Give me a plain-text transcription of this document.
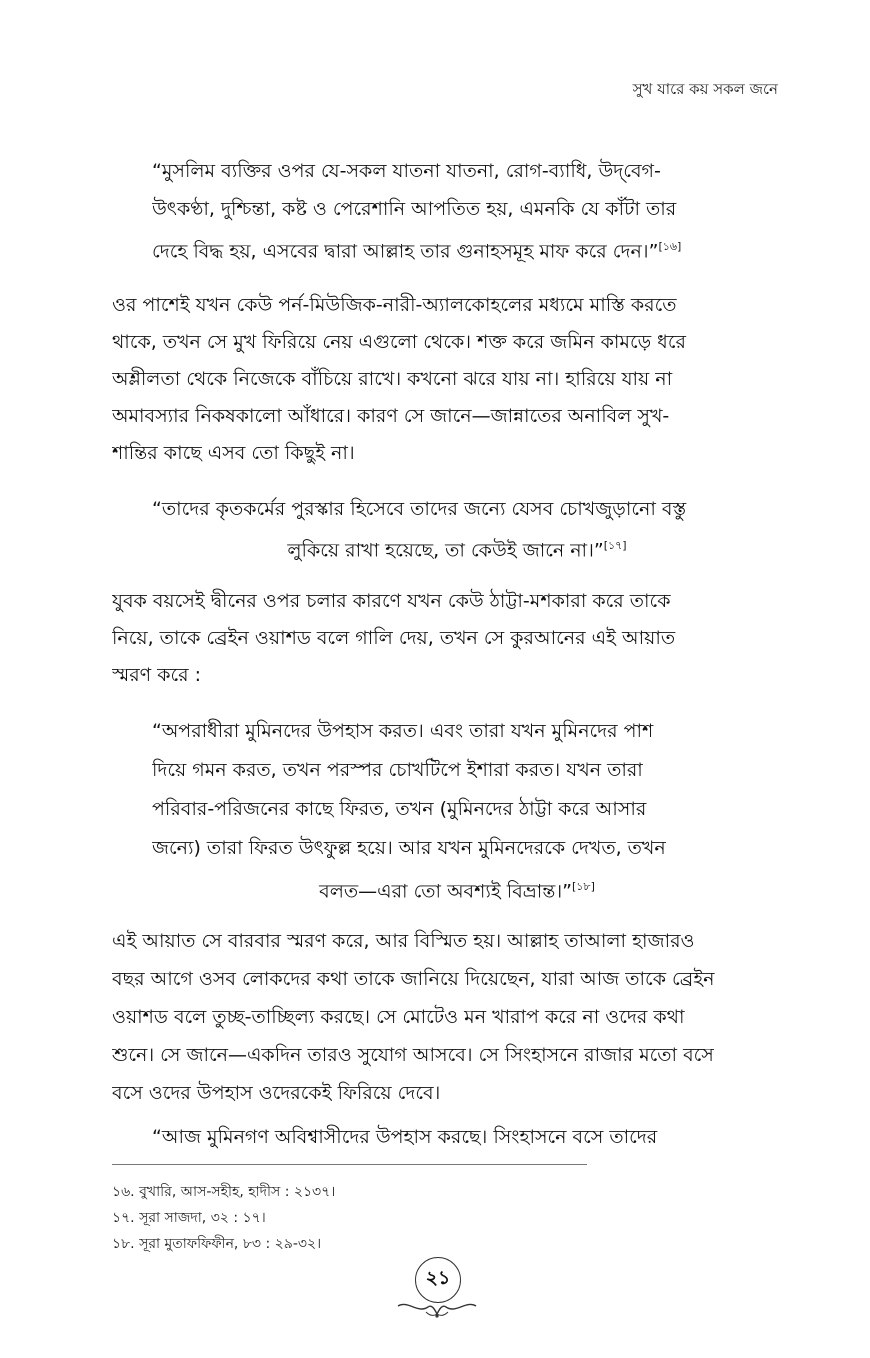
সুখ যারে কয় সকল জনে
“মুসলিম ব্যক্তির ওপর যে-সকল যাতনা যাতনা, রোগ-ব্যাধি, উদ্‌বেগ-
উৎকণ্ঠা, দুশ্চিন্তা, কষ্ট ও পেরেশানি আপতিত হয়, এমনকি যে কাঁটা তার
দেহে বিদ্ধ হয়, এসবের দ্বারা আল্লাহ তার গুনাহসমূহ মাফ করে দেন।”[১৬]
ওর পাশেই যখন কেউ পর্ন-মিউজিক-নারী-অ্যালকোহলের মধ্যমে মাস্তি করতে
থাকে, তখন সে মুখ ফিরিয়ে নেয় এগুলো থেকে। শক্ত করে জমিন কামড়ে ধরে
অশ্লীলতা থেকে নিজেকে বাঁচিয়ে রাখে। কখনো ঝরে যায় না। হারিয়ে যায় না
অমাবস্যার নিকষকালো আঁধারে। কারণ সে জানে—জান্নাতের অনাবিল সুখ-
শান্তির কাছে এসব তো কিছুই না।
“তাদের কৃতকর্মের পুরস্কার হিসেবে তাদের জন্যে যেসব চোখজুড়ানো বস্তু
লুকিয়ে রাখা হয়েছে, তা কেউই জানে না।”[১৭]
যুবক বয়সেই দ্বীনের ওপর চলার কারণে যখন কেউ ঠাট্টা-মশকারা করে তাকে
নিয়ে, তাকে ব্রেইন ওয়াশড বলে গালি দেয়, তখন সে কুরআনের এই আয়াত
স্মরণ করে :
“অপরাধীরা মুমিনদের উপহাস করত। এবং তারা যখন মুমিনদের পাশ
দিয়ে গমন করত, তখন পরস্পর চোখটিপে ইশারা করত। যখন তারা
পরিবার-পরিজনের কাছে ফিরত, তখন (মুমিনদের ঠাট্টা করে আসার
জন্যে) তারা ফিরত উৎফুল্ল হয়ে। আর যখন মুমিনদেরকে দেখত, তখন
বলত—এরা তো অবশ্যই বিভ্রান্ত।”[১৮]
এই আয়াত সে বারবার স্মরণ করে, আর বিস্মিত হয়। আল্লাহ তাআলা হাজারও
বছর আগে ওসব লোকদের কথা তাকে জানিয়ে দিয়েছেন, যারা আজ তাকে ব্রেইন
ওয়াশড বলে তুচ্ছ-তাচ্ছিল্য করছে। সে মোটেও মন খারাপ করে না ওদের কথা
শুনে। সে জানে—একদিন তারও সুযোগ আসবে। সে সিংহাসনে রাজার মতো বসে
বসে ওদের উপহাস ওদেরকেই ফিরিয়ে দেবে।
“আজ মুমিনগণ অবিশ্বাসীদের উপহাস করছে। সিংহাসনে বসে তাদের
১৬. বুখারি, আস-সহীহ, হাদীস : ২১৩৭।
১৭. সূরা সাজদা, ৩২ : ১৭।
১৮. সূরা মুতাফফিফীন, ৮৩ : ২৯-৩২।
২১
